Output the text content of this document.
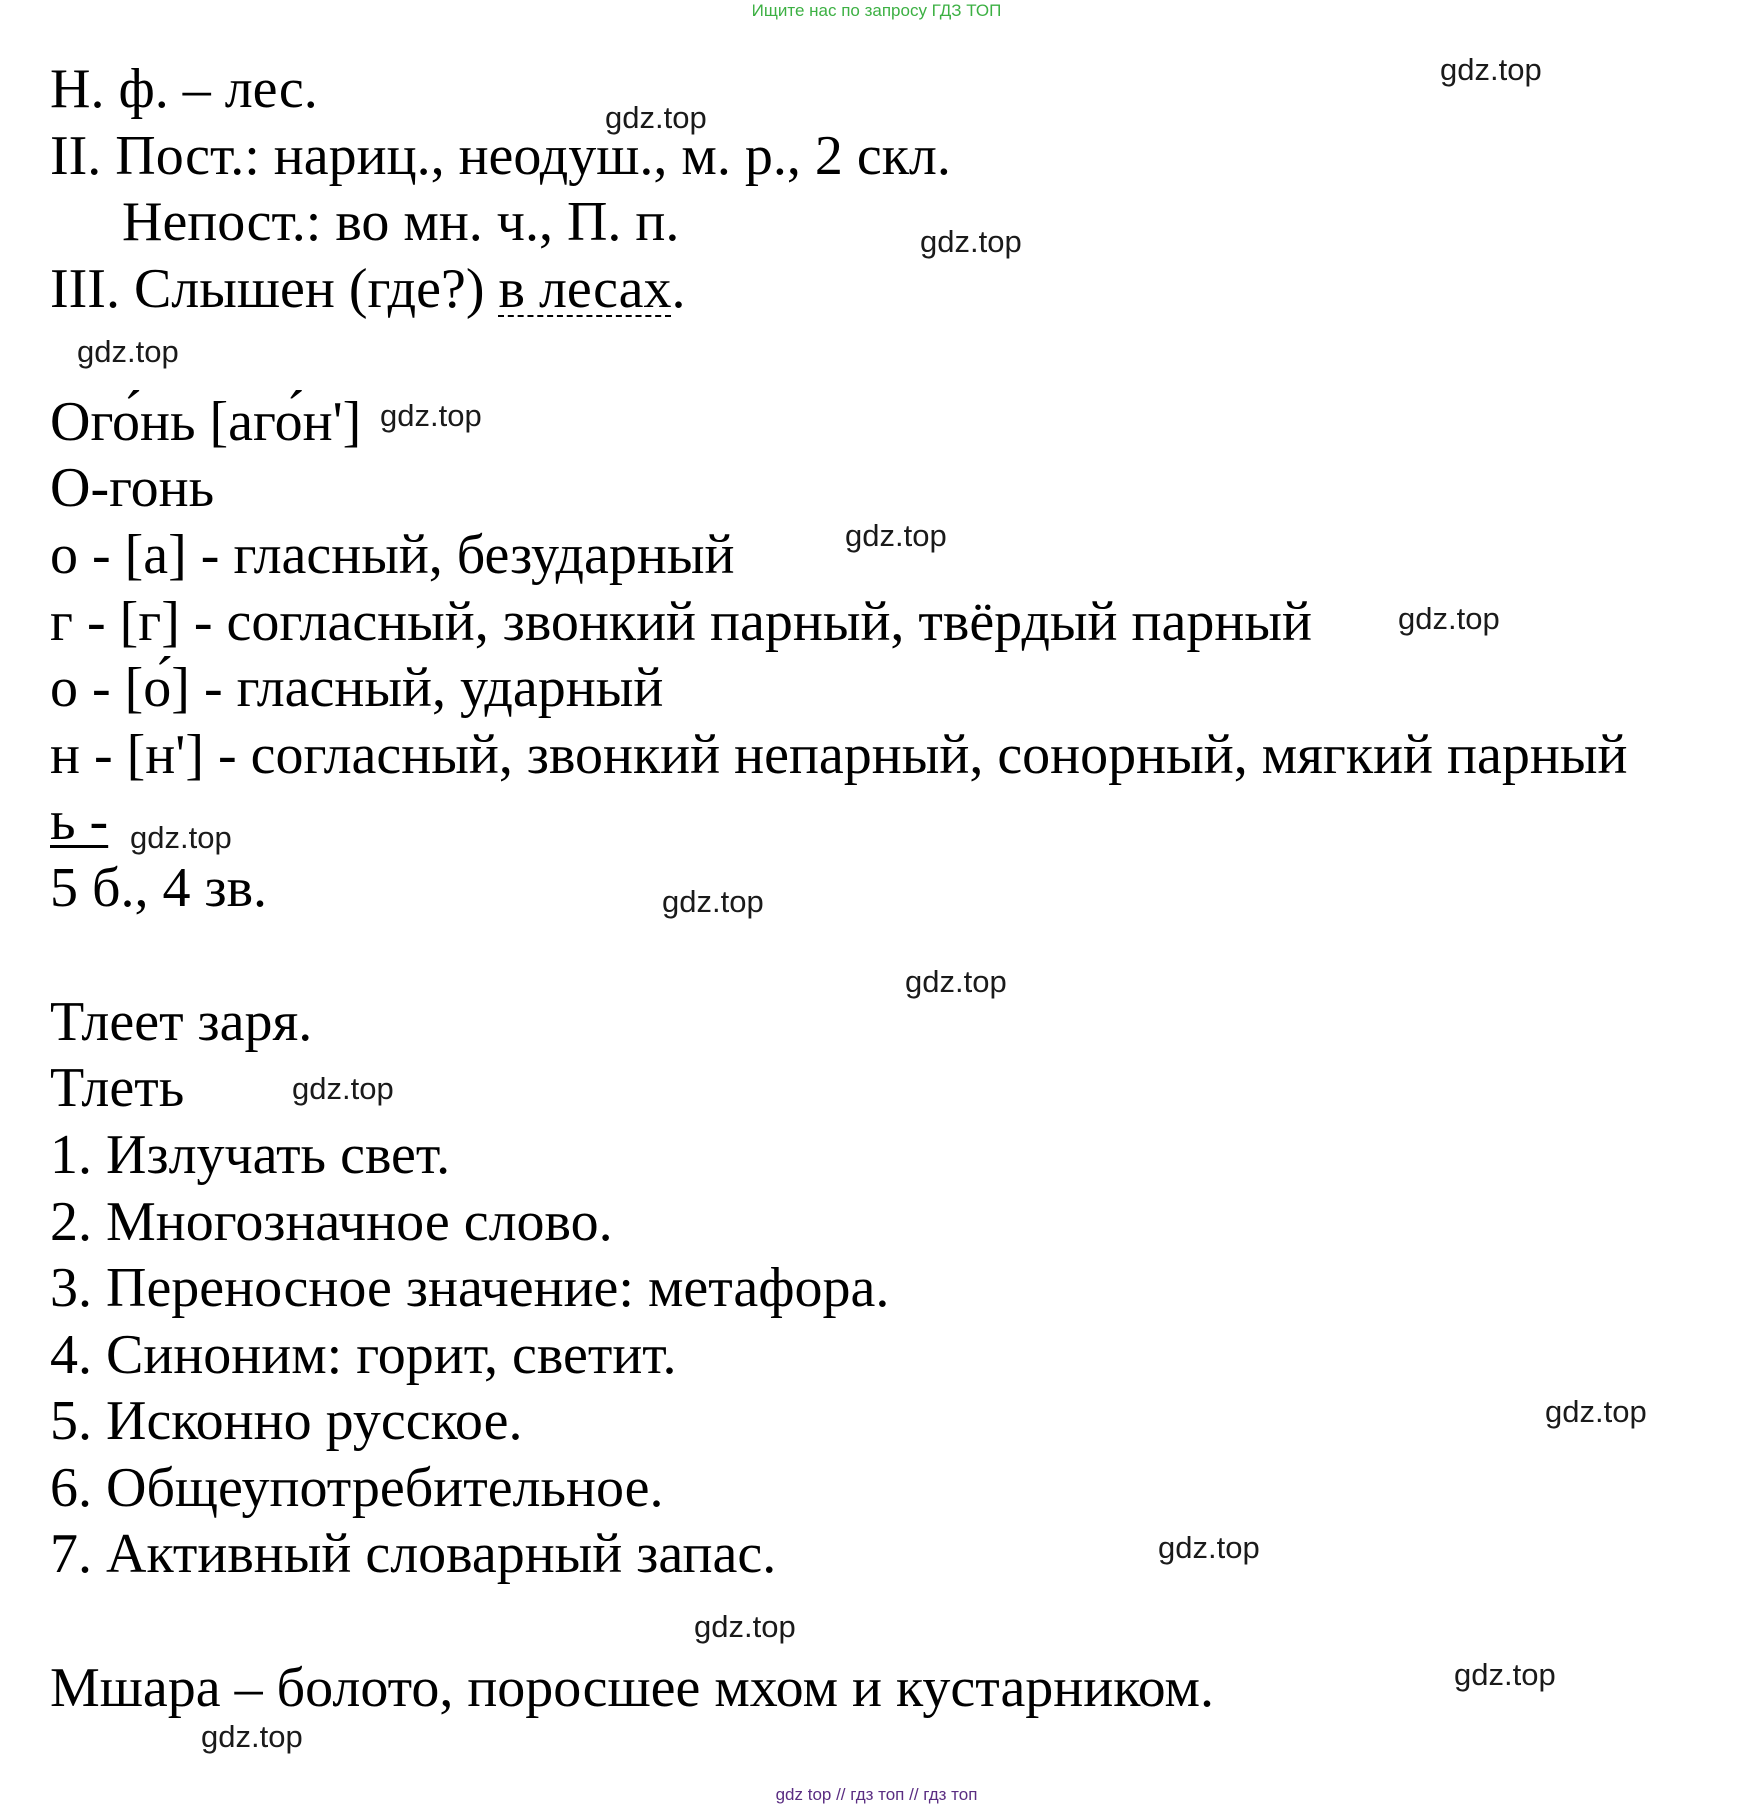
Ищите нас по запросу ГДЗ ТОП

Н. ф. – лес.

II. Пост.: нариц., неодуш., м. р., 2 скл.

Непост.: во мн. ч., П. п.

III. Слышен (где?) в лесах.

Ого́нь [аго́н']

О-гонь

о - [а] - гласный, безударный

г - [г] - согласный, звонкий парный, твёрдый парный

о - [о́] - гласный, ударный

н - [н'] - согласный, звонкий непарный, сонорный, мягкий парный

ь -

5 б., 4 зв.

Тлеет заря.

Тлеть

1. Излучать свет.

2. Многозначное слово.

3. Переносное значение: метафора.

4. Синоним: горит, светит.

5. Исконно русское.

6. Общеупотребительное.

7. Активный словарный запас.

Мшара – болото, поросшее мхом и кустарником.

gdz.top
gdz.top
gdz.top
gdz.top
gdz.top
gdz.top
gdz.top
gdz.top
gdz.top
gdz.top
gdz.top
gdz.top
gdz.top
gdz.top
gdz.top
gdz.top
gdz top // гдз топ // гдз топ
